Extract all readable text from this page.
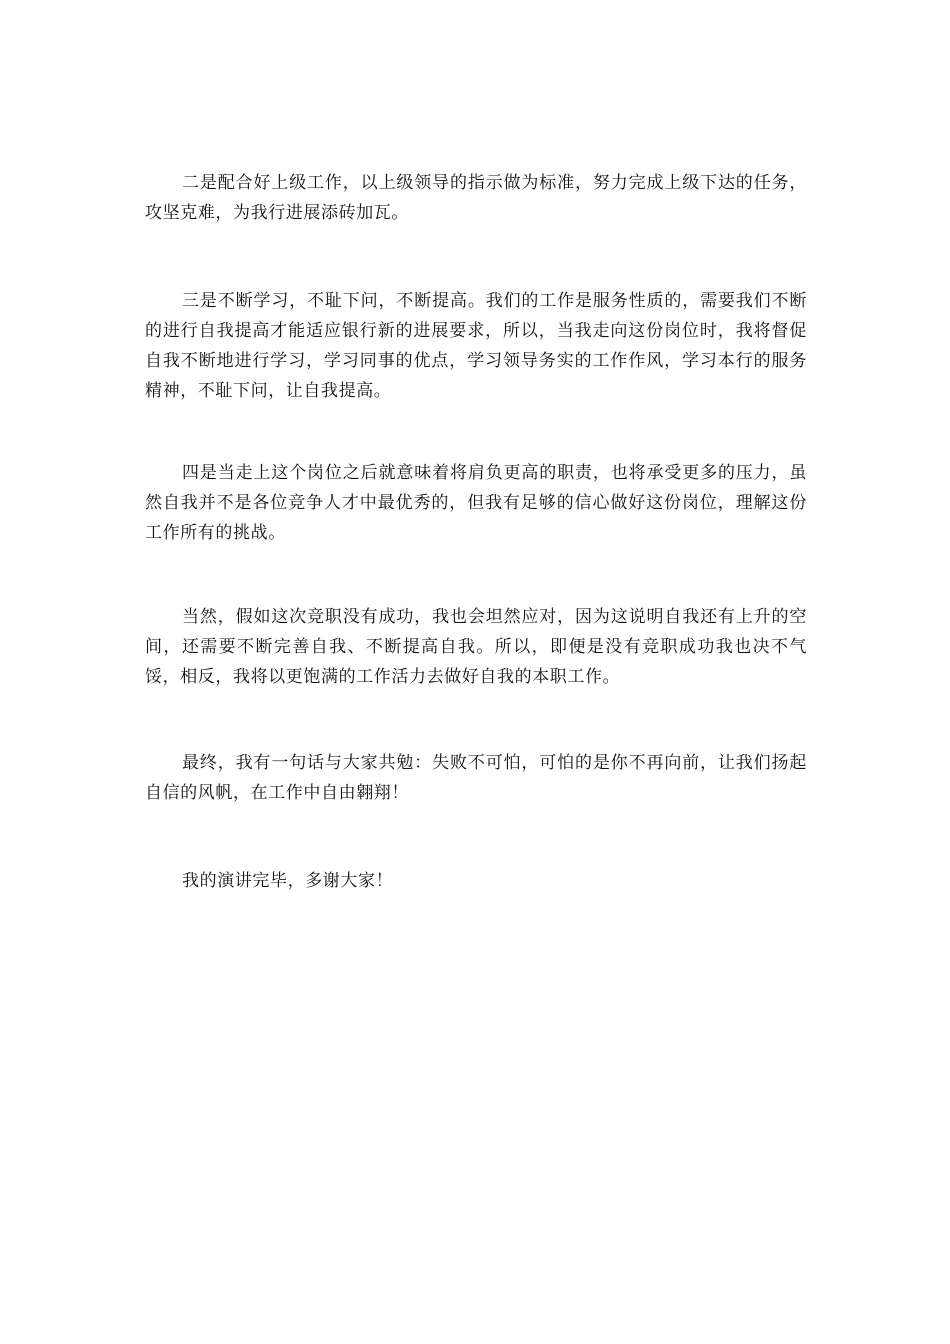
二是配合好上级工作，以上级领导的指示做为标准，努力完成上级下达的任务，攻坚克难，为我行进展添砖加瓦。

三是不断学习，不耻下问，不断提高。我们的工作是服务性质的，需要我们不断的进行自我提高才能适应银行新的进展要求，所以，当我走向这份岗位时，我将督促自我不断地进行学习，学习同事的优点，学习领导务实的工作作风，学习本行的服务精神，不耻下问，让自我提高。

四是当走上这个岗位之后就意味着将肩负更高的职责，也将承受更多的压力，虽然自我并不是各位竞争人才中最优秀的，但我有足够的信心做好这份岗位，理解这份工作所有的挑战。

当然，假如这次竞职没有成功，我也会坦然应对，因为这说明自我还有上升的空间，还需要不断完善自我、不断提高自我。所以，即便是没有竞职成功我也决不气馁，相反，我将以更饱满的工作活力去做好自我的本职工作。

最终，我有一句话与大家共勉：失败不可怕，可怕的是你不再向前，让我们扬起自信的风帆，在工作中自由翱翔！

我的演讲完毕，多谢大家！
